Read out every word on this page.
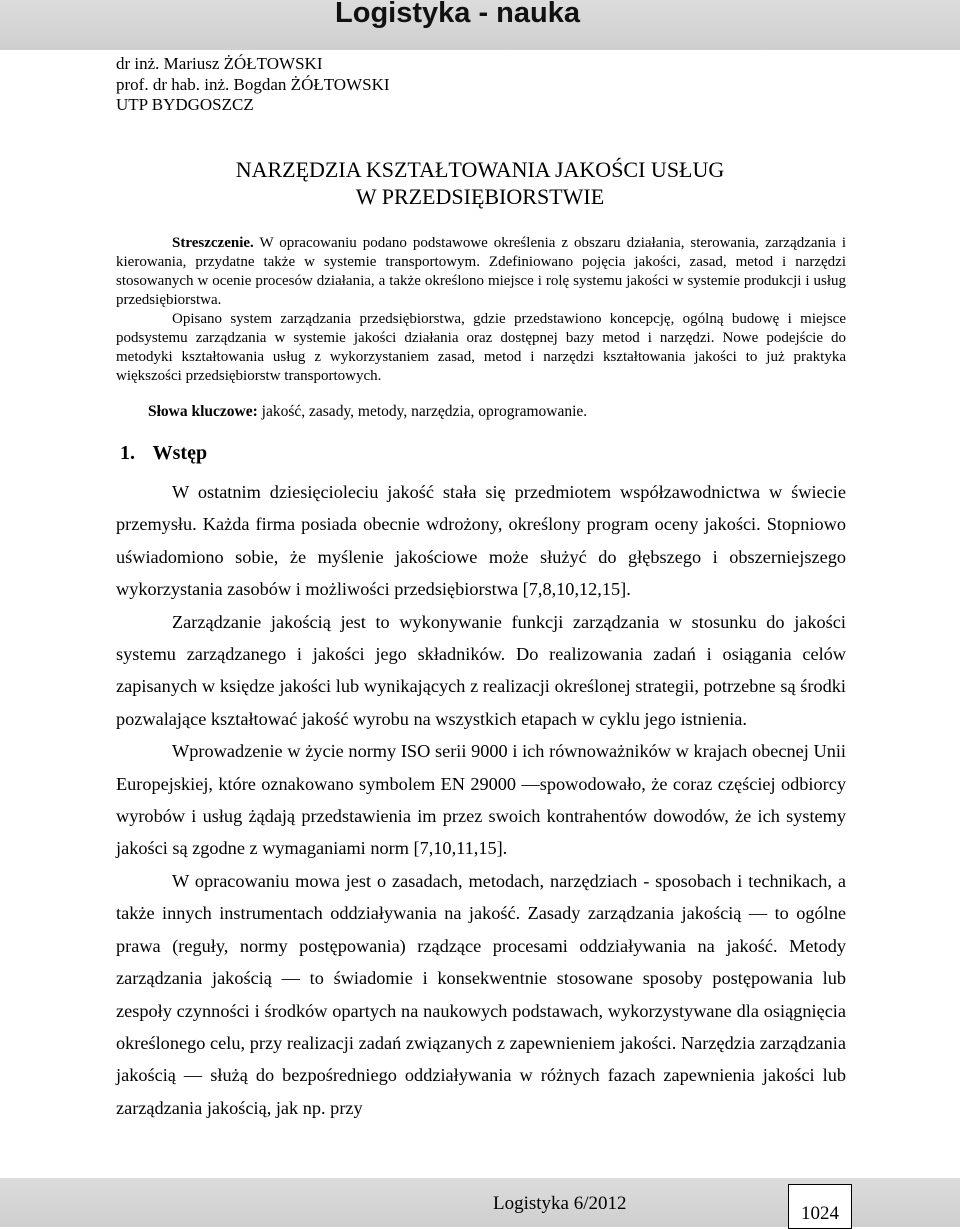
Logistyka - nauka
dr inż. Mariusz ŻÓŁTOWSKI
prof. dr hab. inż. Bogdan ŻÓŁTOWSKI
UTP BYDGOSZCZ
NARZĘDZIA KSZTAŁTOWANIA JAKOŚCI USŁUG
W PRZEDSIĘBIORSTWIE

Streszczenie. W opracowaniu podano podstawowe określenia z obszaru działania, sterowania, zarządzania i kierowania, przydatne także w systemie transportowym. Zdefiniowano pojęcia jakości, zasad, metod i narzędzi stosowanych w ocenie procesów działania, a także określono miejsce i rolę systemu jakości w systemie produkcji i usług przedsiębiorstwa.

Opisano system zarządzania przedsiębiorstwa, gdzie przedstawiono koncepcję, ogólną budowę i miejsce podsystemu zarządzania w systemie jakości działania oraz dostępnej bazy metod i narzędzi. Nowe podejście do metodyki kształtowania usług z wykorzystaniem zasad, metod i narzędzi kształtowania jakości to już praktyka większości przedsiębiorstw transportowych.

Słowa kluczowe: jakość, zasady, metody, narzędzia, oprogramowanie.
1. Wstęp

W ostatnim dziesięcioleciu jakość stała się przedmiotem współzawodnictwa w świecie przemysłu. Każda firma posiada obecnie wdrożony, określony program oceny jakości. Stopniowo uświadomiono sobie, że myślenie jakościowe może służyć do głębszego i obszerniejszego wykorzystania zasobów i możliwości przedsiębiorstwa [7,8,10,12,15].

Zarządzanie jakością jest to wykonywanie funkcji zarządzania w stosunku do jakości systemu zarządzanego i jakości jego składników. Do realizowania zadań i osiągania celów zapisanych w księdze jakości lub wynikających z realizacji określonej strategii, potrzebne są środki pozwalające kształtować jakość wyrobu na wszystkich etapach w cyklu jego istnienia.

Wprowadzenie w życie normy ISO serii 9000 i ich równoważników w krajach obecnej Unii Europejskiej, które oznakowano symbolem EN 29000 —spowodowało, że coraz częściej odbiorcy wyrobów i usług żądają przedstawienia im przez swoich kontrahentów dowodów, że ich systemy jakości są zgodne z wymaganiami norm [7,10,11,15].

W opracowaniu mowa jest o zasadach, metodach, narzędziach - sposobach i technikach, a także innych instrumentach oddziaływania na jakość. Zasady zarządzania jakością — to ogólne prawa (reguły, normy postępowania) rządzące procesami oddziaływania na jakość. Metody zarządzania jakością — to świadomie i konsekwentnie stosowane sposoby postępowania lub zespoły czynności i środków opartych na naukowych podstawach, wykorzystywane dla osiągnięcia określonego celu, przy realizacji zadań związanych z zapewnieniem jakości. Narzędzia zarządzania jakością — służą do bezpośredniego oddziaływania w różnych fazach zapewnienia jakości lub zarządzania jakością, jak np. przy

Logistyka 6/2012	1024
